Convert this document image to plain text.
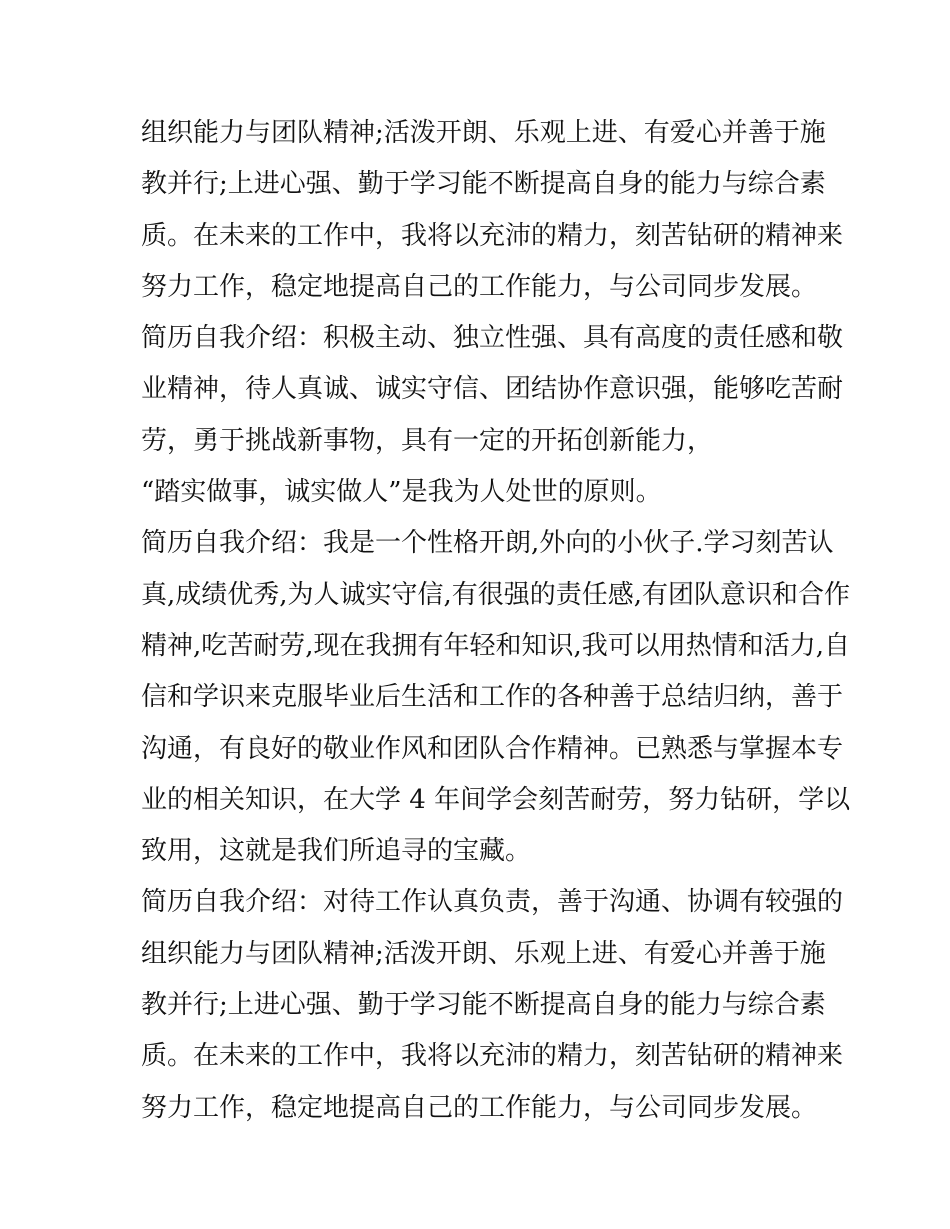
组织能力与团队精神;活泼开朗、乐观上进、有爱心并善于施
教并行;上进心强、勤于学习能不断提高自身的能力与综合素
质。在未来的工作中，我将以充沛的精力，刻苦钻研的精神来
努力工作，稳定地提高自己的工作能力，与公司同步发展。
简历自我介绍：积极主动、独立性强、具有高度的责任感和敬
业精神，待人真诚、诚实守信、团结协作意识强，能够吃苦耐
劳，勇于挑战新事物，具有一定的开拓创新能力，
“踏实做事，诚实做人”是我为人处世的原则。
简历自我介绍：我是一个性格开朗,外向的小伙子.学习刻苦认
真,成绩优秀,为人诚实守信,有很强的责任感,有团队意识和合作
精神,吃苦耐劳,现在我拥有年轻和知识,我可以用热情和活力,自
信和学识来克服毕业后生活和工作的各种善于总结归纳，善于
沟通，有良好的敬业作风和团队合作精神。已熟悉与掌握本专
业的相关知识，在大学 4 年间学会刻苦耐劳，努力钻研，学以
致用，这就是我们所追寻的宝藏。
简历自我介绍：对待工作认真负责，善于沟通、协调有较强的
组织能力与团队精神;活泼开朗、乐观上进、有爱心并善于施
教并行;上进心强、勤于学习能不断提高自身的能力与综合素
质。在未来的工作中，我将以充沛的精力，刻苦钻研的精神来
努力工作，稳定地提高自己的工作能力，与公司同步发展。
